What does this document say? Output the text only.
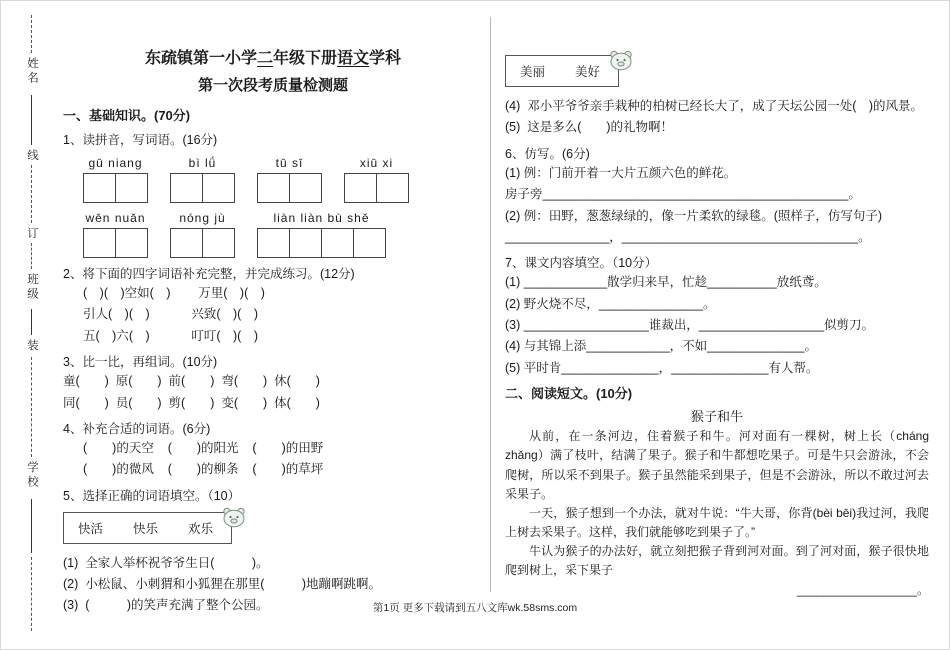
姓名
线
订
班级
装
学校
东疏镇第一小学二年级下册语文学科
第一次段考质量检测题
一、基础知识。(70分)
1、读拼音，写词语。(16分)
gū niang	bì lǘ	tū sī	xiū xi
wēn nuǎn	nóng jù	liàn liàn bù shě
2、将下面的四字词语补充完整，并完成练习。(12分)
(　)(　)空如(　)        万里(　)(　)
引人(　)(　)            兴致(　)(　)
五(　)六(　)            叮叮(　)(　)
3、比一比，再组词。(10分)
童(　　)  原(　　)  前(　　)  弯(　　)  休(　　)
同(　　)  员(　　)  剪(　　)  变(　　)  体(　　)
4、补充合适的词语。(6分)
(　　)的天空    (　　)的阳光    (　　)的田野
(　　)的微风    (　　)的柳条    (　　)的草坪
5、选择正确的词语填空。（10）
快活 快乐 欢乐
(1)  全家人举杯祝爷爷生日(　　　)。
(2)  小松鼠、小刺猬和小狐狸在那里(　　　)地蹦啊跳啊。
(3)  (　　　)的笑声充满了整个公园。
美丽 美好
(4)  邓小平爷爷亲手栽种的柏树已经长大了，成了天坛公园一处(　)的风景。
(5)  这是多么(　　)的礼物啊！
6、仿写。(6分)
(1) 例：门前开着一大片五颜六色的鲜花。
房子旁____________________________________________。
(2) 例：田野，葱葱绿绿的，像一片柔软的绿毯。(照样子，仿写句子)
_______________，__________________________________。
7、课文内容填空。（10分）
(1) ____________散学归来早，忙趁__________放纸鸢。
(2) 野火烧不尽，_______________。
(3) __________________谁裁出，__________________似剪刀。
(4) 与其锦上添____________，不如______________。
(5) 平时肯______________，______________有人帮。
二、阅读短文。(10分)
猴子和牛

从前，在一条河边，住着猴子和牛。河对面有一棵树，树上长（cháng zhǎng）满了枝叶，结满了果子。猴子和牛都想吃果子。可是牛只会游泳，不会爬树，所以采不到果子。猴子虽然能采到果子，但是不会游泳，所以不敢过河去采果子。

一天，猴子想到一个办法，就对牛说：“牛大哥，你背(bèi bēi)我过河，我爬上树去采果子。这样，我们就能够吃到果子了。”

牛认为猴子的办法好，就立刻把猴子背到河对面。到了河对面，猴子很快地爬到树上，采下果子

__________________。

第1页 更多下载请到五八文库wk.58sms.com
